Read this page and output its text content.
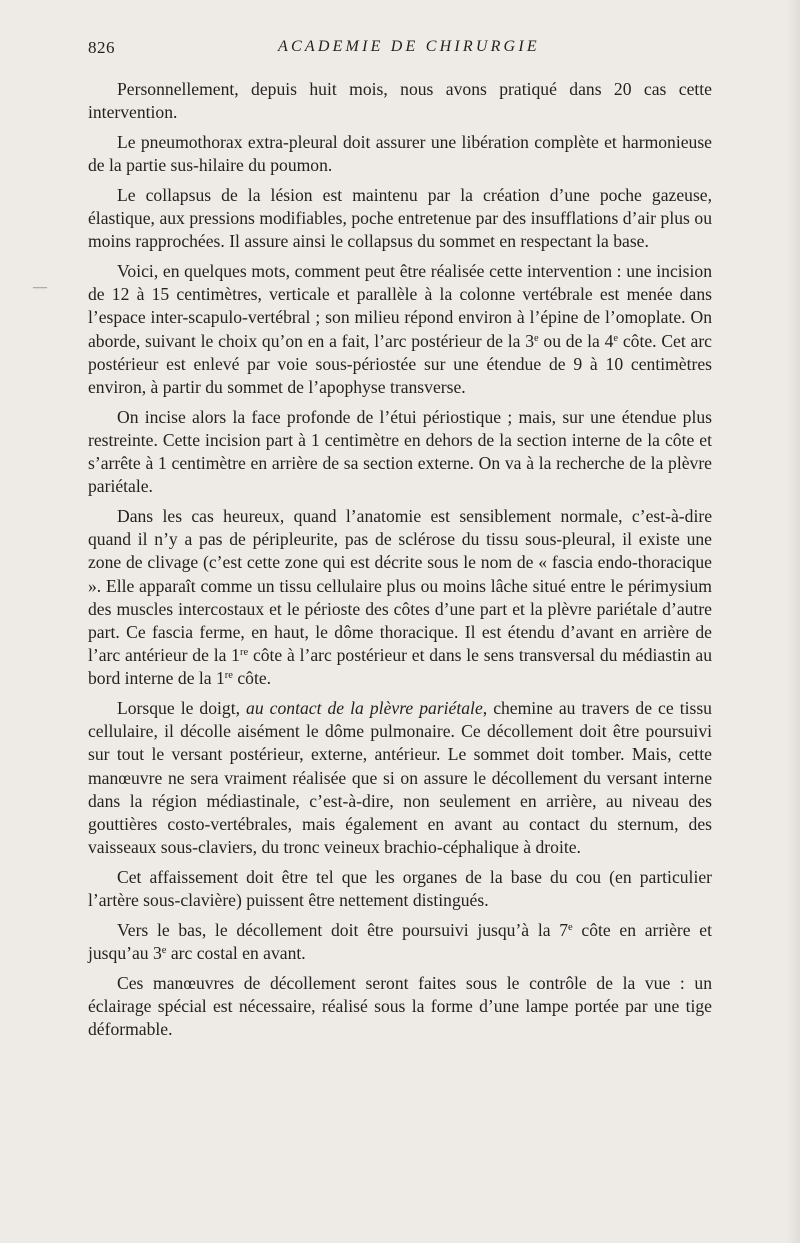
826	ACADEMIE DE CHIRURGIE
—

Personnellement, depuis huit mois, nous avons pratiqué dans 20 cas cette intervention.

Le pneumothorax extra-pleural doit assurer une libération complète et harmonieuse de la partie sus-hilaire du poumon.

Le collapsus de la lésion est maintenu par la création d’une poche gazeuse, élastique, aux pressions modifiables, poche entretenue par des insufflations d’air plus ou moins rapprochées. Il assure ainsi le collapsus du sommet en respectant la base.

Voici, en quelques mots, comment peut être réalisée cette intervention : une incision de 12 à 15 centimètres, verticale et parallèle à la colonne vertébrale est menée dans l’espace inter-scapulo-vertébral ; son milieu répond environ à l’épine de l’omoplate. On aborde, suivant le choix qu’on en a fait, l’arc postérieur de la 3e ou de la 4e côte. Cet arc postérieur est enlevé par voie sous-périostée sur une étendue de 9 à 10 centimètres environ, à partir du sommet de l’apophyse transverse.

On incise alors la face profonde de l’étui périostique ; mais, sur une étendue plus restreinte. Cette incision part à 1 centimètre en dehors de la section interne de la côte et s’arrête à 1 centimètre en arrière de sa section externe. On va à la recherche de la plèvre pariétale.

Dans les cas heureux, quand l’anatomie est sensiblement normale, c’est-à-dire quand il n’y a pas de péripleurite, pas de sclérose du tissu sous-pleural, il existe une zone de clivage (c’est cette zone qui est décrite sous le nom de « fascia endo-thoracique ». Elle apparaît comme un tissu cellulaire plus ou moins lâche situé entre le périmysium des muscles intercostaux et le périoste des côtes d’une part et la plèvre pariétale d’autre part. Ce fascia ferme, en haut, le dôme thoracique. Il est étendu d’avant en arrière de l’arc antérieur de la 1re côte à l’arc postérieur et dans le sens transversal du médiastin au bord interne de la 1re côte.

Lorsque le doigt, au contact de la plèvre pariétale, chemine au travers de ce tissu cellulaire, il décolle aisément le dôme pulmonaire. Ce décollement doit être poursuivi sur tout le versant postérieur, externe, antérieur. Le sommet doit tomber. Mais, cette manœuvre ne sera vraiment réalisée que si on assure le décollement du versant interne dans la région médiastinale, c’est-à-dire, non seulement en arrière, au niveau des gouttières costo-vertébrales, mais également en avant au contact du sternum, des vaisseaux sous-claviers, du tronc veineux brachio-céphalique à droite.

Cet affaissement doit être tel que les organes de la base du cou (en particulier l’artère sous-clavière) puissent être nettement distingués.

Vers le bas, le décollement doit être poursuivi jusqu’à la 7e côte en arrière et jusqu’au 3e arc costal en avant.

Ces manœuvres de décollement seront faites sous le contrôle de la vue : un éclairage spécial est nécessaire, réalisé sous la forme d’une lampe portée par une tige déformable.
